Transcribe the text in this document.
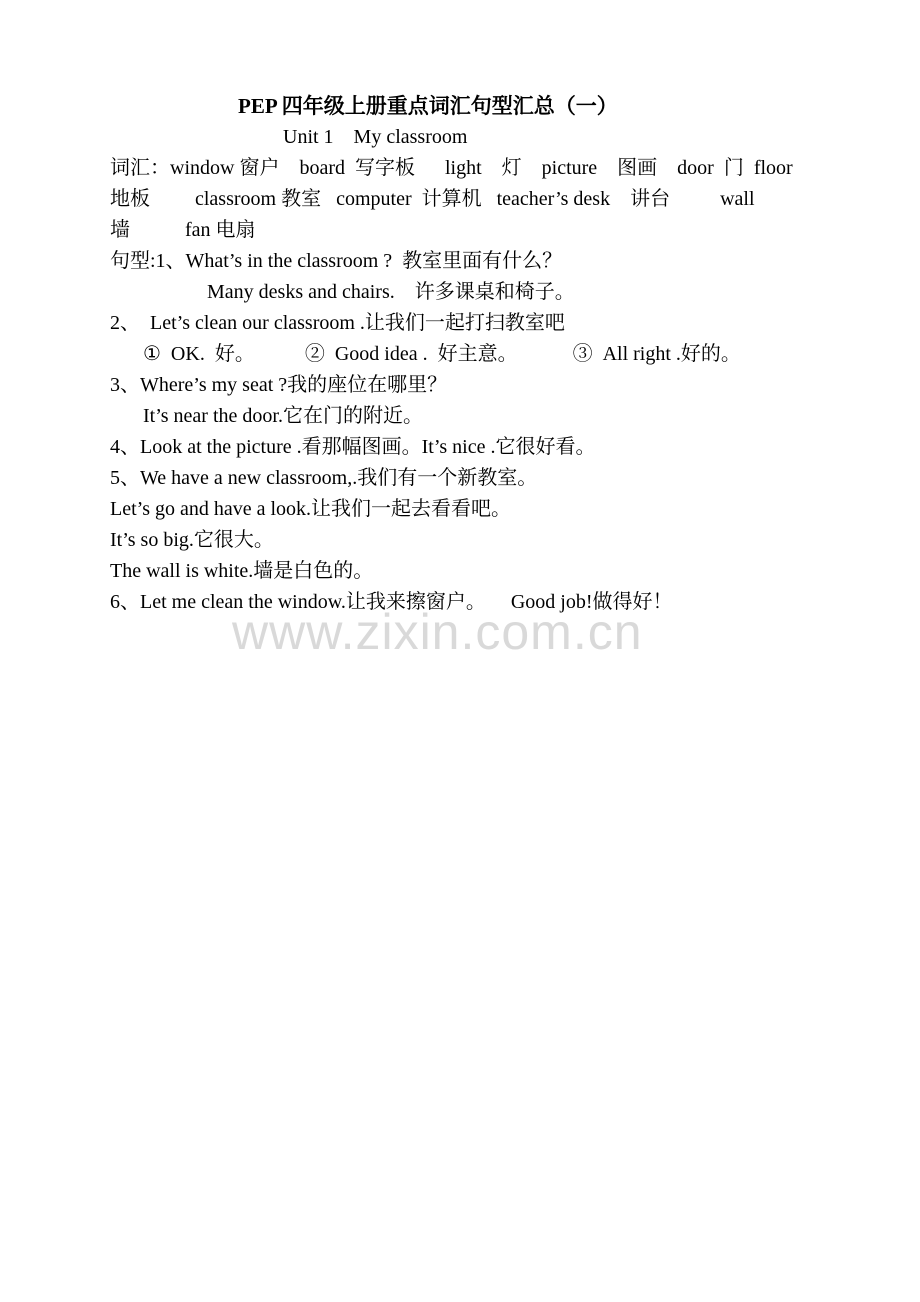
PEP 四年级上册重点词汇句型汇总（一）
Unit 1    My classroom
词汇：window 窗户    board  写字板      light    灯    picture    图画    door  门  floor
地板         classroom 教室   computer  计算机   teacher’s desk    讲台          wall
墙           fan 电扇
句型:1、What’s in the classroom ?  教室里面有什么？
Many desks and chairs.    许多课桌和椅子。
2、  Let’s clean our classroom .让我们一起打扫教室吧
①  OK.  好。          ②  Good idea .  好主意。           ③  All right .好的。
3、Where’s my seat ?我的座位在哪里？
It’s near the door.它在门的附近。
4、Look at the picture .看那幅图画。It’s nice .它很好看。
5、We have a new classroom,.我们有一个新教室。
Let’s go and have a look.让我们一起去看看吧。
It’s so big.它很大。
The wall is white.墙是白色的。
6、Let me clean the window.让我来擦窗户。     Good job!做得好！
www.zixin.com.cn
